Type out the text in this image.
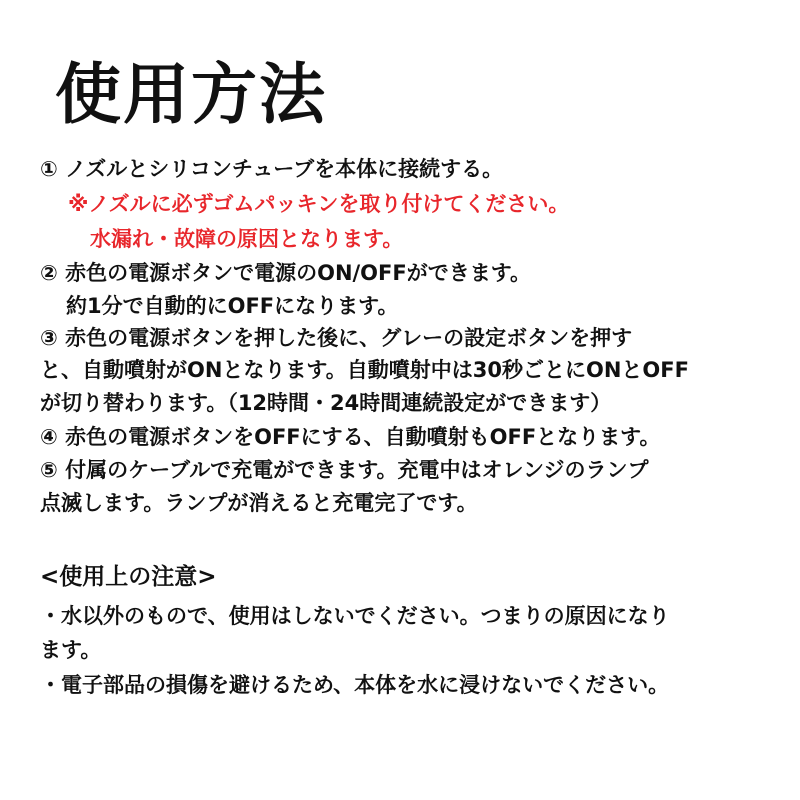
使用方法
① ノズルとシリコンチューブを本体に接続する。
※ノズルに必ずゴムパッキンを取り付けてください。
水漏れ・故障の原因となります。
② 赤色の電源ボタンで電源のON/OFFができます。
約1分で自動的にOFFになります。
③ 赤色の電源ボタンを押した後に、グレーの設定ボタンを押す
と、自動噴射がONとなります。自動噴射中は30秒ごとにONとOFF
が切り替わります。（12時間・24時間連続設定ができます）
④ 赤色の電源ボタンをOFFにする、自動噴射もOFFとなります。
⑤ 付属のケーブルで充電ができます。充電中はオレンジのランプ
点滅します。ランプが消えると充電完了です。
<使用上の注意>
・水以外のもので、使用はしないでください。つまりの原因になり
ます。
・電子部品の損傷を避けるため、本体を水に浸けないでください。
